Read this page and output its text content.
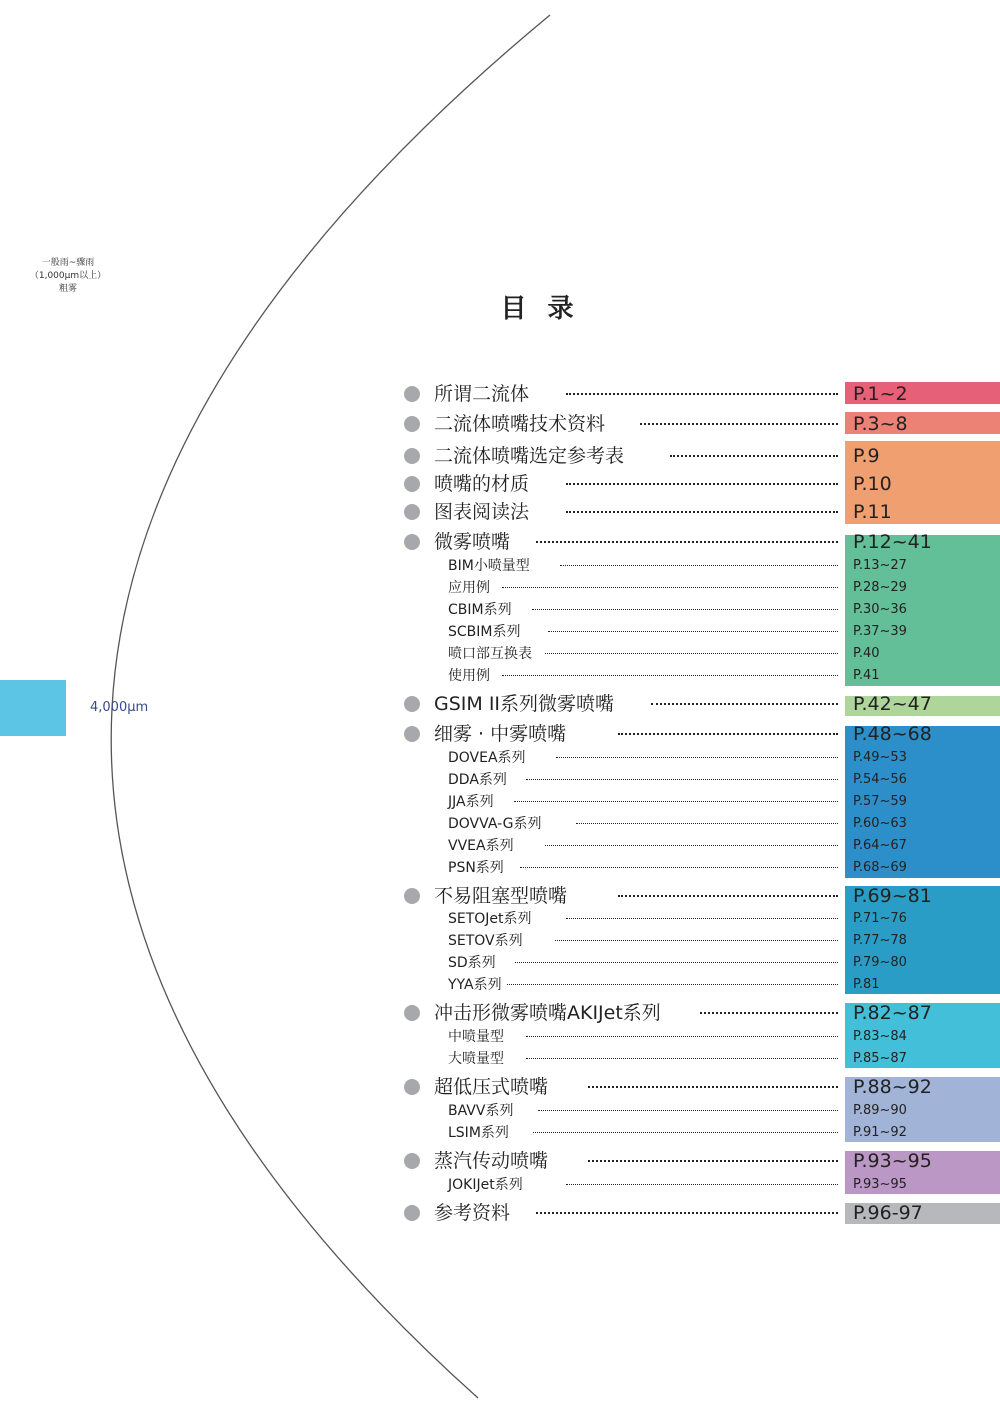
一般雨~骤雨
（1,000μm以上）
粗雾
4,000μm
目 录
所谓二流体	P.1~2
二流体喷嘴技术资料	P.3~8
二流体喷嘴选定参考表	P.9
喷嘴的材质	P.10
图表阅读法	P.11
微雾喷嘴	P.12~41
BIM小喷量型	P.13~27
应用例	P.28~29
CBIM系列	P.30~36
SCBIM系列	P.37~39
喷口部互换表	P.40
使用例	P.41
GSIM II系列微雾喷嘴	P.42~47
细雾 · 中雾喷嘴	P.48~68
DOVEA系列	P.49~53
DDA系列	P.54~56
JJA系列	P.57~59
DOVVA-G系列	P.60~63
VVEA系列	P.64~67
PSN系列	P.68~69
不易阻塞型喷嘴	P.69~81
SETOJet系列	P.71~76
SETOV系列	P.77~78
SD系列	P.79~80
YYA系列	P.81
冲击形微雾喷嘴AKIJet系列	P.82~87
中喷量型	P.83~84
大喷量型	P.85~87
超低压式喷嘴	P.88~92
BAVV系列	P.89~90
LSIM系列	P.91~92
蒸汽传动喷嘴	P.93~95
JOKIJet系列	P.93~95
参考资料	P.96-97
